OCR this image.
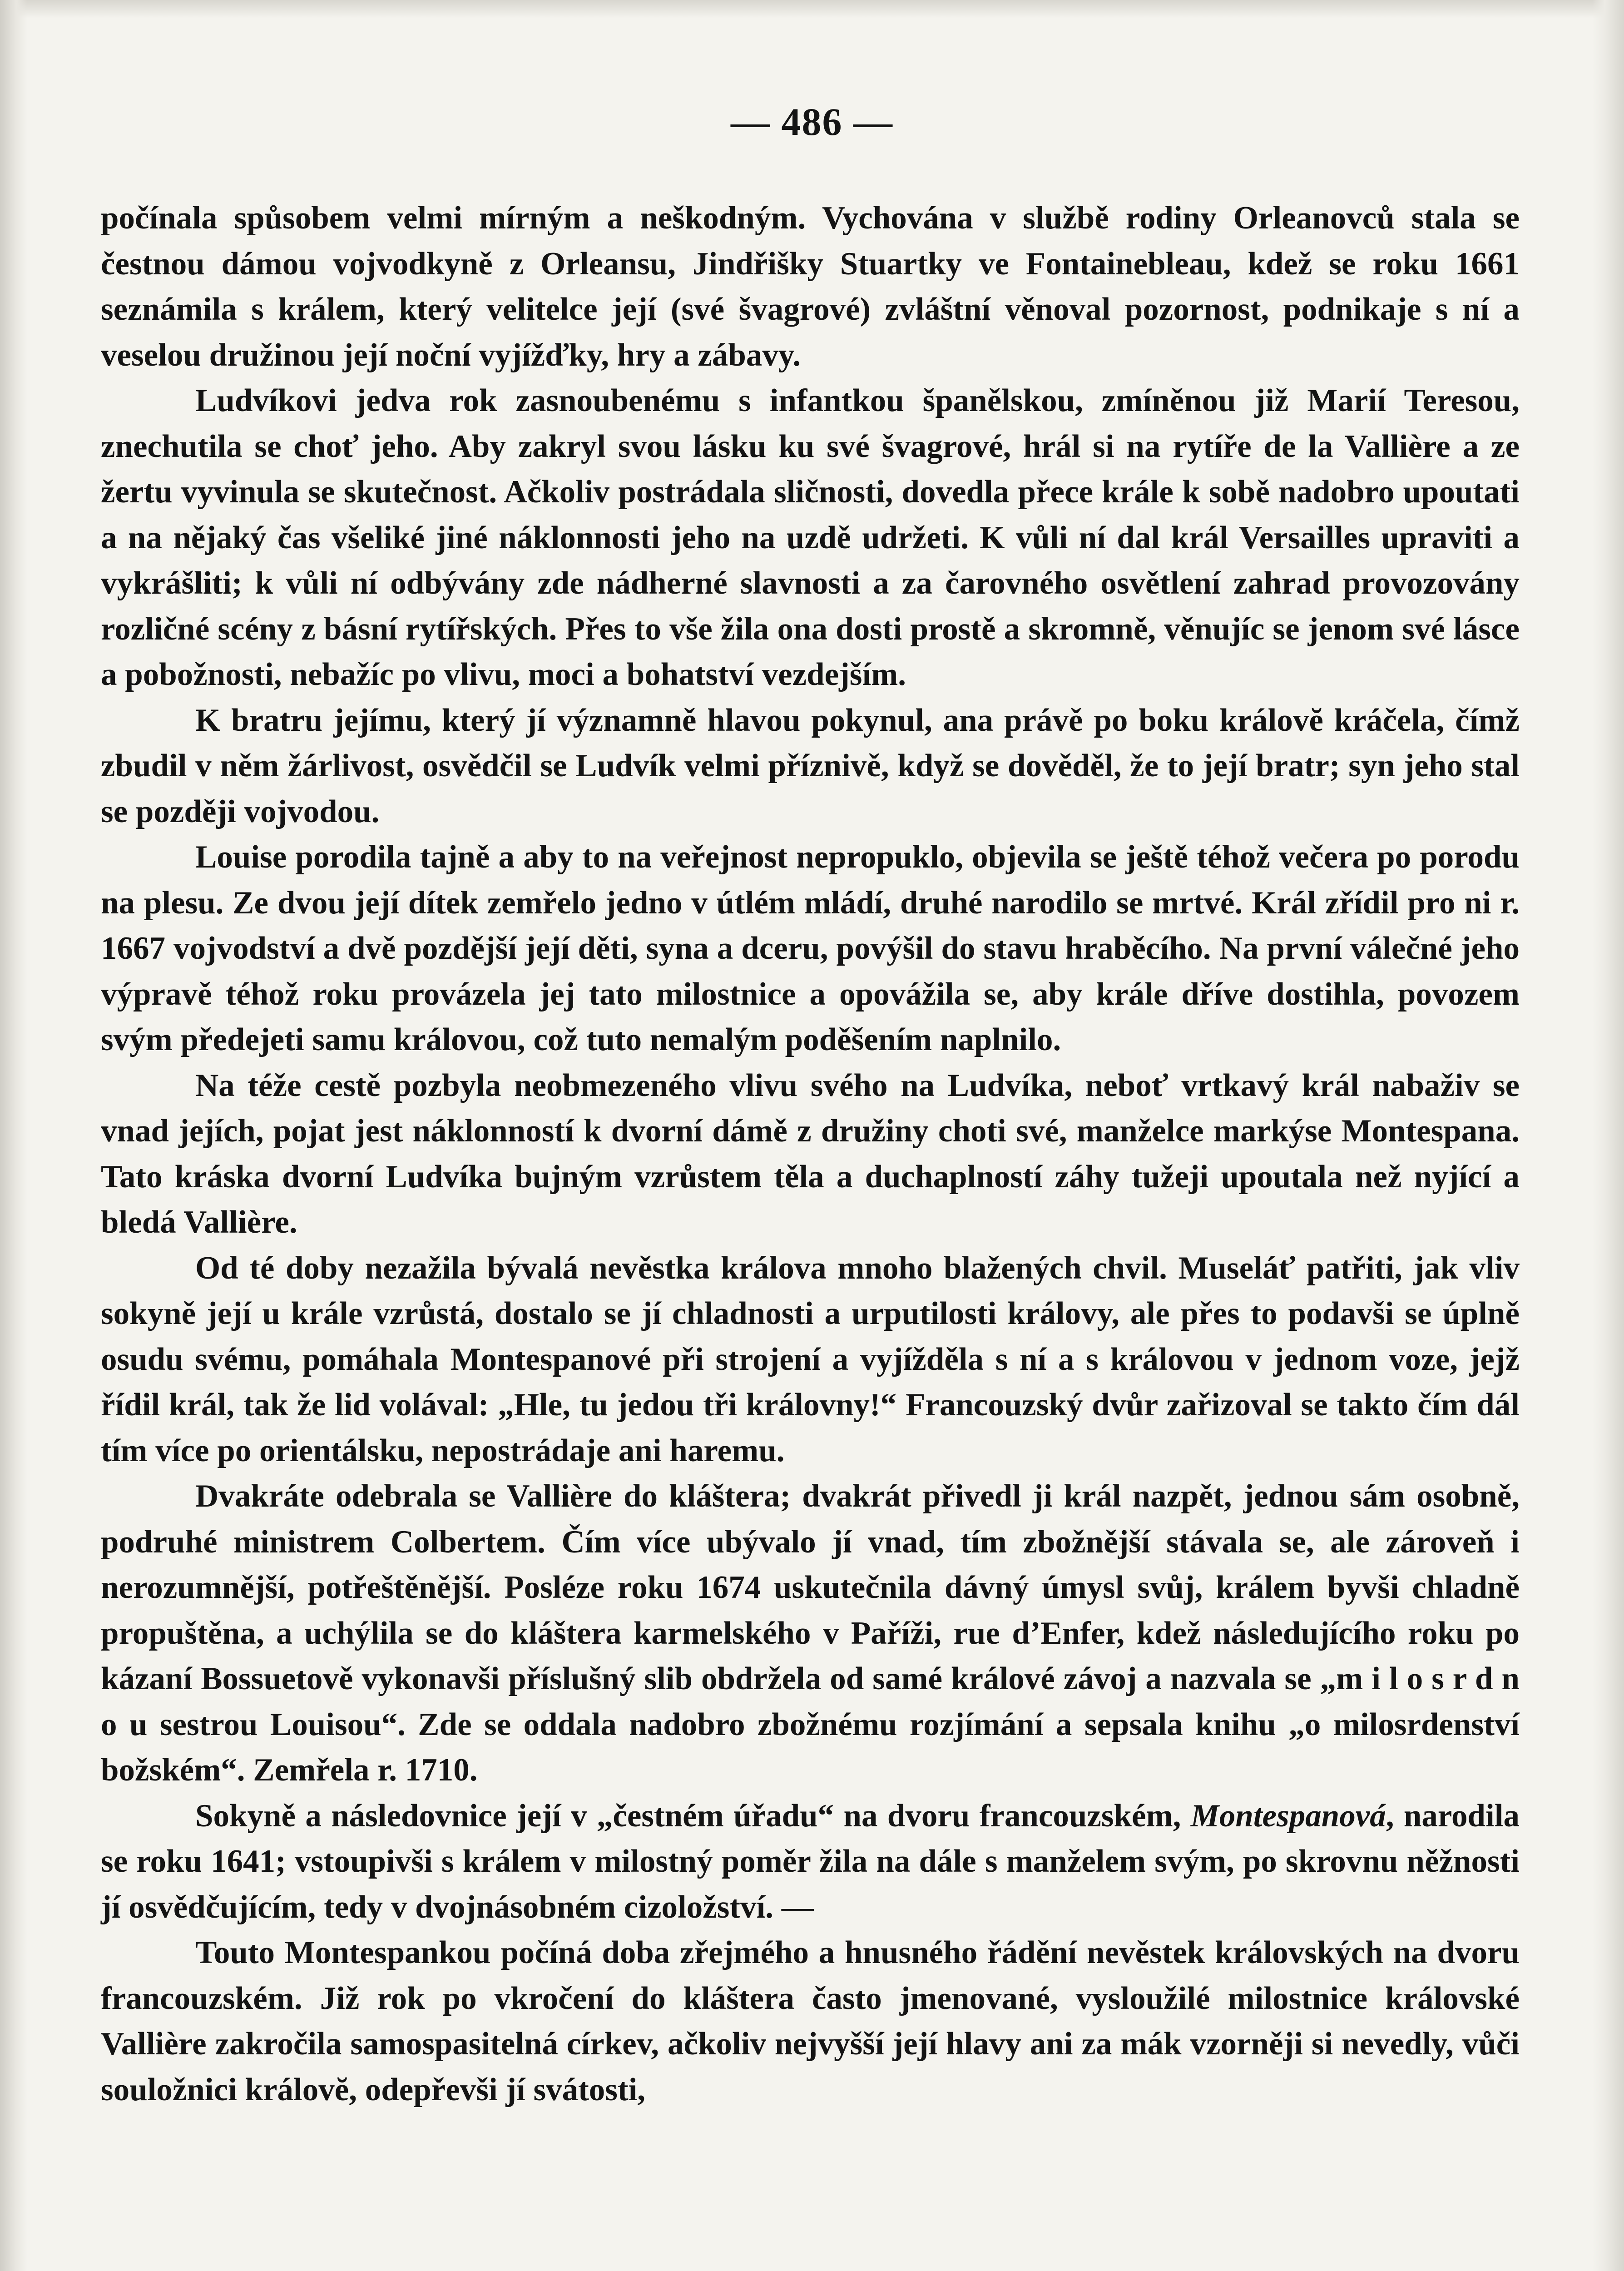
— 486 —

počínala spůsobem velmi mírným a neškodným. Vychována v službě rodiny Orleanovců stala se čestnou dámou vojvodkyně z Orleansu, Jindřišky Stuartky ve Fontainebleau, kdež se roku 1661 seznámila s králem, který velitelce její (své švagrové) zvláštní věnoval pozornost, podnikaje s ní a veselou družinou její noční vyjížďky, hry a zábavy.

Ludvíkovi jedva rok zasnoubenému s infantkou španělskou, zmíněnou již Marií Teresou, znechutila se choť jeho. Aby zakryl svou lásku ku své švagrové, hrál si na rytíře de la Vallière a ze žertu vyvinula se skutečnost. Ačkoliv postrádala sličnosti, dovedla přece krále k sobě nadobro upoutati a na nějaký čas všeliké jiné náklonnosti jeho na uzdě udržeti. K vůli ní dal král Versailles upraviti a vykrášliti; k vůli ní odbývány zde nádherné slavnosti a za čarovného osvětlení zahrad provozovány rozličné scény z básní rytířských. Přes to vše žila ona dosti prostě a skromně, věnujíc se jenom své lásce a pobožnosti, nebažíc po vlivu, moci a bohatství vezdejším.

K bratru jejímu, který jí významně hlavou pokynul, ana právě po boku královĕ kráčela, čímž zbudil v něm žárlivost, osvědčil se Ludvík velmi příznivě, když se dověděl, že to její bratr; syn jeho stal se později vojvodou.

Louise porodila tajně a aby to na veřejnost nepropuklo, objevila se ještě téhož večera po porodu na plesu. Ze dvou její dítek zemřelo jedno v útlém mládí, druhé narodilo se mrtvé. Král zřídil pro ni r. 1667 vojvodství a dvě pozdější její děti, syna a dceru, povýšil do stavu hraběcího. Na první válečné jeho výpravě téhož roku provázela jej tato milostnice a opovážila se, aby krále dříve dostihla, povozem svým předejeti samu královou, což tuto nemalým poděšením naplnilo.

Na téže cestě pozbyla neobmezeného vlivu svého na Ludvíka, neboť vrtkavý král nabaživ se vnad jejích, pojat jest náklonností k dvorní dámě z družiny choti své, manželce markýse Montespana. Tato kráska dvorní Ludvíka bujným vzrůstem těla a duchaplností záhy tužeji upoutala než nyjící a bledá Vallière.

Od té doby nezažila bývalá nevěstka králova mnoho blažených chvil. Museláť patřiti, jak vliv sokyně její u krále vzrůstá, dostalo se jí chladnosti a urputilosti královy, ale přes to podavši se úplně osudu svému, pomáhala Montespanové při strojení a vyjížděla s ní a s královou v jednom voze, jejž řídil král, tak že lid volával: „Hle, tu jedou tři královny!“ Francouzský dvůr zařizoval se takto čím dál tím více po orientálsku, nepostrádaje ani haremu.

Dvakráte odebrala se Vallière do kláštera; dvakrát přivedl ji král nazpět, jednou sám osobně, podruhé ministrem Colbertem. Čím více ubývalo jí vnad, tím zbožnější stávala se, ale zároveň i nerozumnější, potřeštěnější. Posléze roku 1674 uskutečnila dávný úmysl svůj, králem byvši chladně propuštěna, a uchýlila se do kláštera karmelského v Paříži, rue d’Enfer, kdež následujícího roku po kázaní Bossuetově vykonavši příslušný slib obdržela od samé králové závoj a nazvala se „m i l o s r d n o u sestrou Louisou“. Zde se oddala nadobro zbožnému rozjímání a sepsala knihu „o milosrdenství božském“. Zemřela r. 1710.

Sokyně a následovnice její v „čestném úřadu“ na dvoru francouzském, Montespanová, narodila se roku 1641; vstoupivši s králem v milostný poměr žila na dále s manželem svým, po skrovnu něžnosti jí osvědčujícím, tedy v dvojnásobném cizoložství. —

Touto Montespankou počíná doba zřejmého a hnusného řádění nevěstek královských na dvoru francouzském. Již rok po vkročení do kláštera často jmenované, vysloužilé milostnice královské Vallière zakročila samospasitelná církev, ačkoliv nejvyšší její hlavy ani za mák vzorněji si nevedly, vůči souložnici královĕ, odepřevši jí svátosti,
